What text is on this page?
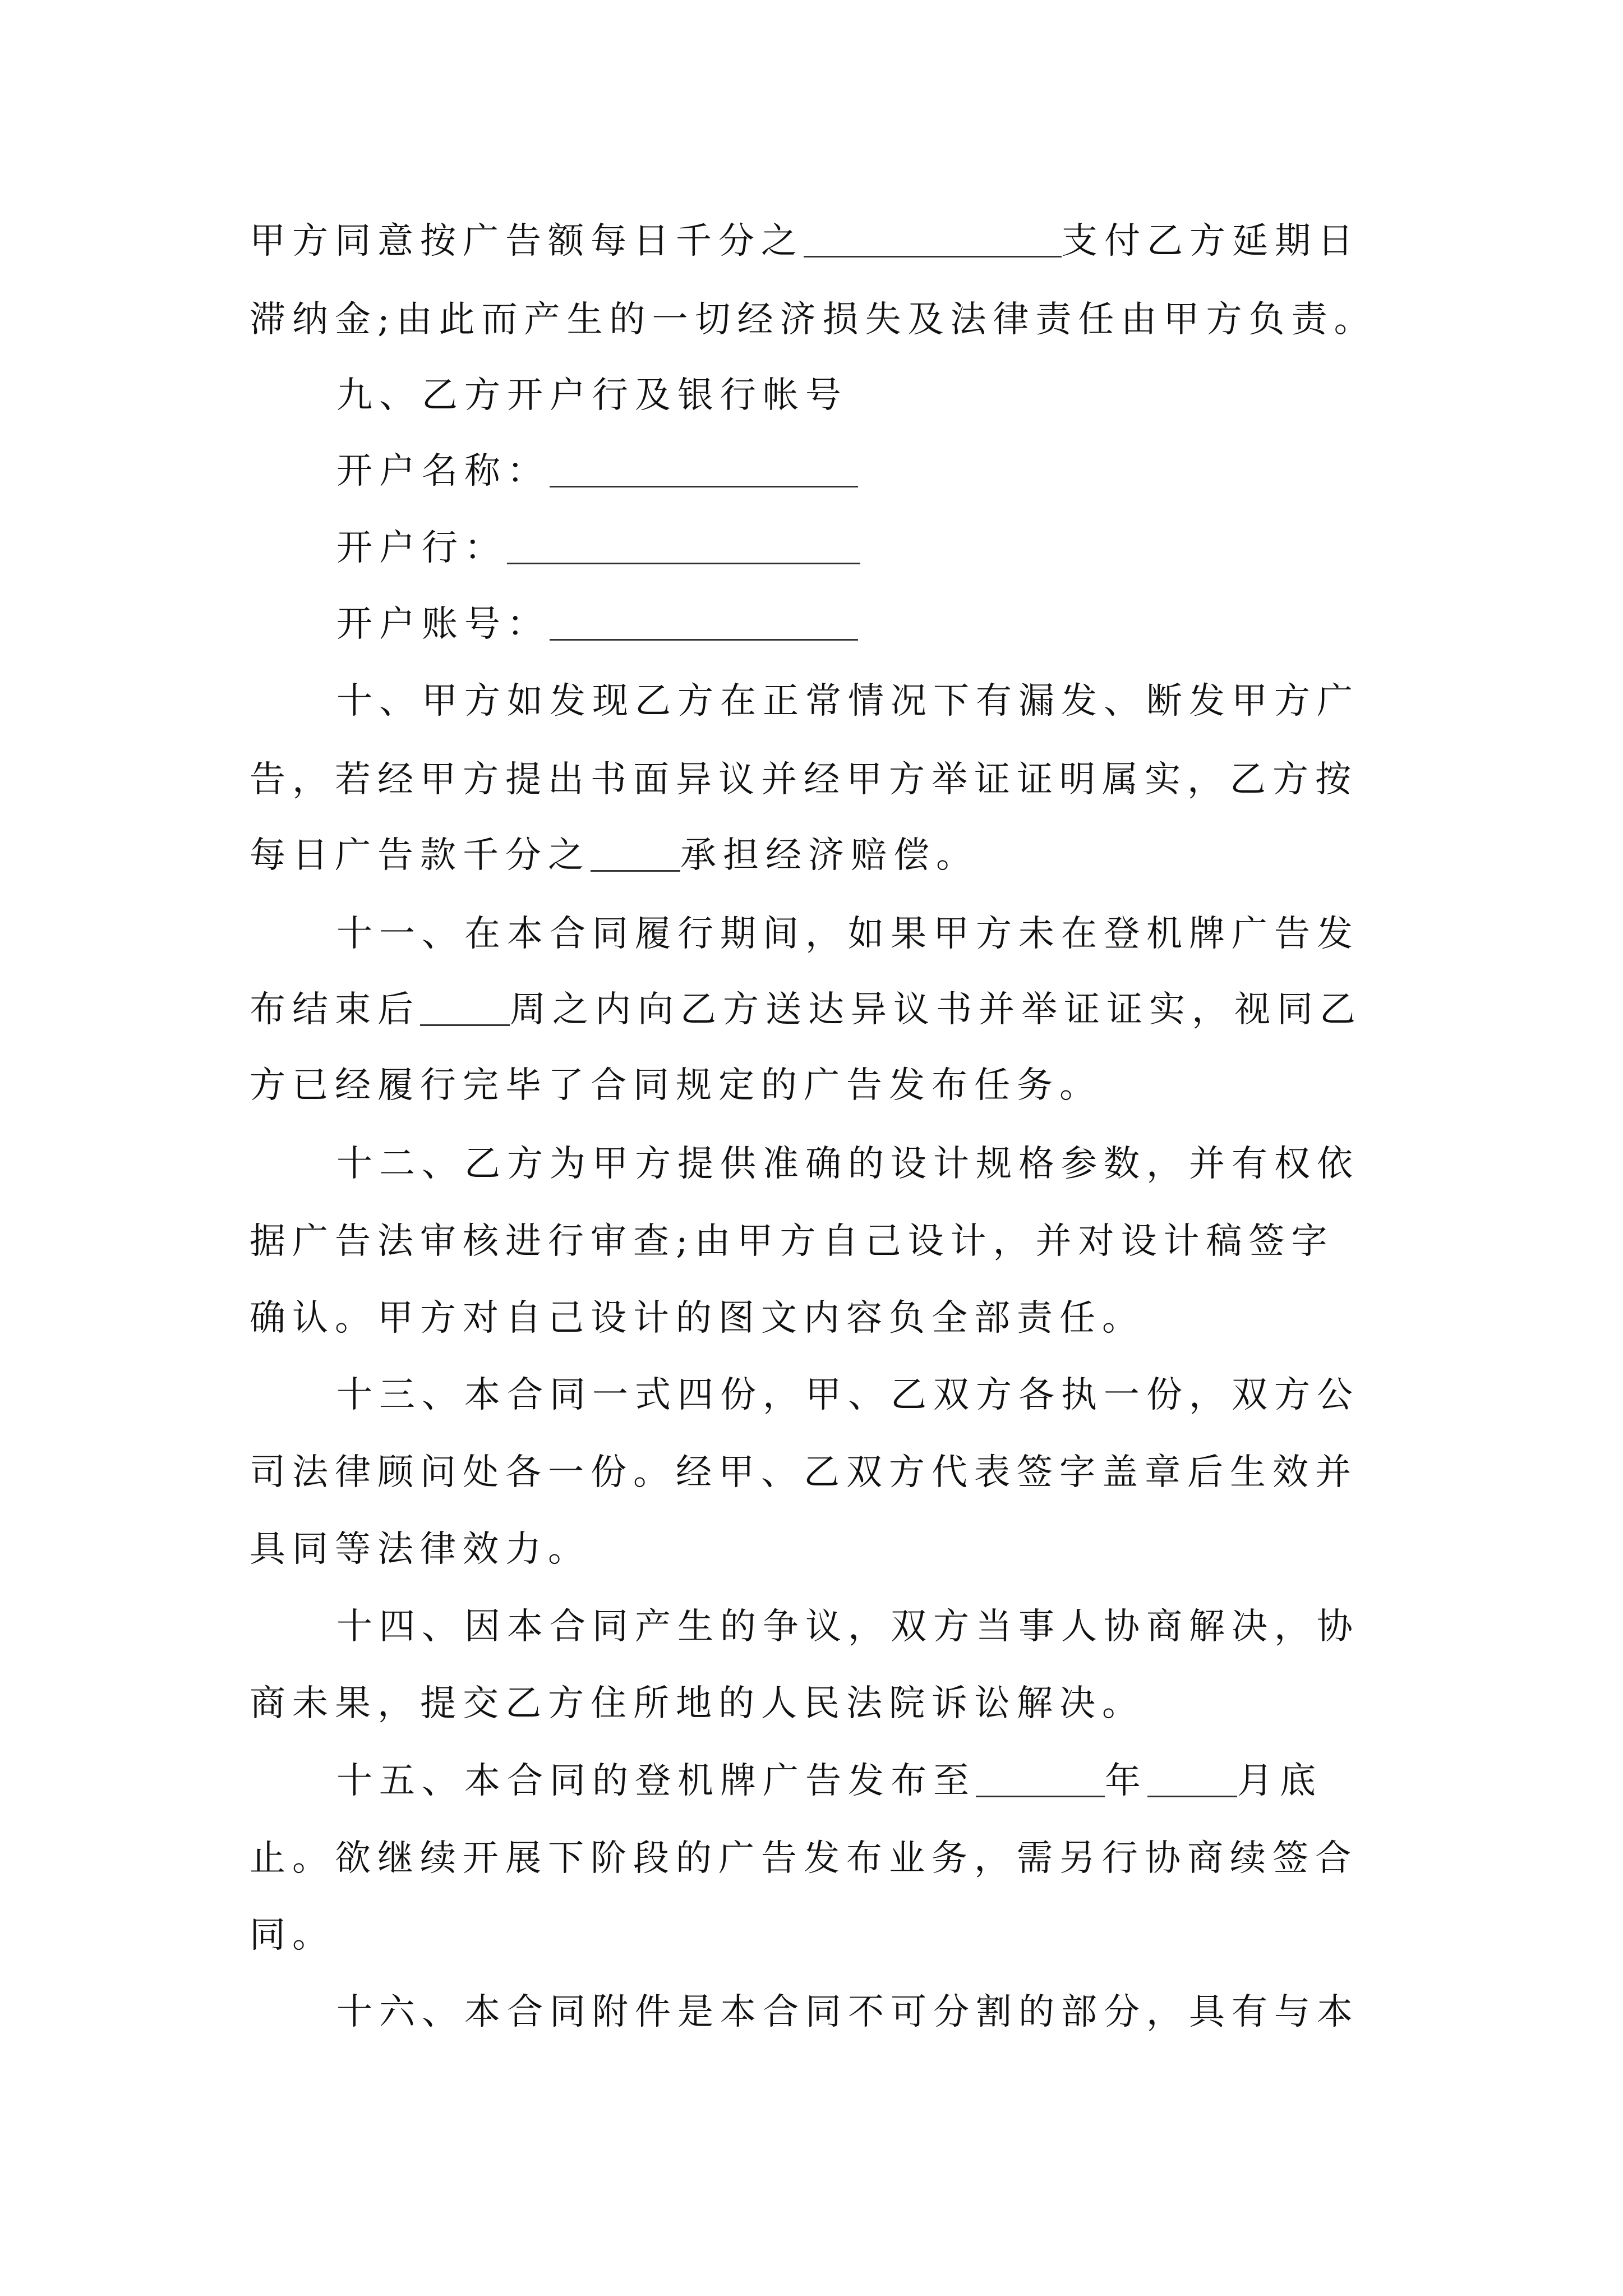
甲方同意按广告额每日千分之	支付乙方延期日
滞纳金;由此而产生的一切经济损失及法律责任由甲方负责。
九、乙方开户行及银行帐号
开户名称：
开户行：
开户账号：
十、甲方如发现乙方在正常情况下有漏发、断发甲方广
告，若经甲方提出书面异议并经甲方举证证明属实，乙方按
每日广告款千分之	承担经济赔偿。
十一、在本合同履行期间，如果甲方未在登机牌广告发
布结束后	周之内向乙方送达异议书并举证证实，视同乙
方已经履行完毕了合同规定的广告发布任务。
十二、乙方为甲方提供准确的设计规格参数，并有权依
据广告法审核进行审查;由甲方自己设计，并对设计稿签字
确认。甲方对自己设计的图文内容负全部责任。
十三、本合同一式四份，甲、乙双方各执一份，双方公
司法律顾问处各一份。经甲、乙双方代表签字盖章后生效并
具同等法律效力。
十四、因本合同产生的争议，双方当事人协商解决，协
商未果，提交乙方住所地的人民法院诉讼解决。
十五、本合同的登机牌广告发布至	年	月底
止。欲继续开展下阶段的广告发布业务，需另行协商续签合
同。
十六、本合同附件是本合同不可分割的部分，具有与本
